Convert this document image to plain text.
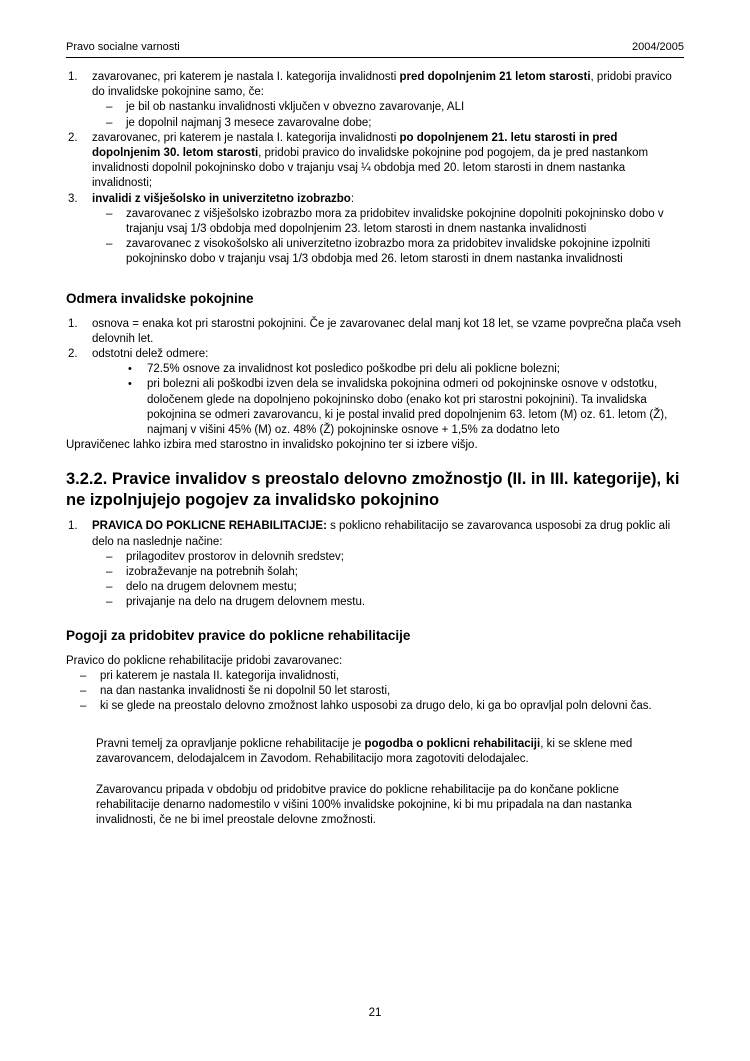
Pravo socialne varnosti	2004/2005
1.	zavarovanec, pri katerem je nastala I. kategorija invalidnosti pred dopolnjenim 21 letom starosti, pridobi pravico do invalidske pokojnine samo, če:
– je bil ob nastanku invalidnosti vključen v obvezno zavarovanje, ALI
– je dopolnil najmanj 3 mesece zavarovalne dobe;
2.	zavarovanec, pri katerem je nastala I. kategorija invalidnosti po dopolnjenem 21. letu starosti in pred dopolnjenim 30. letom starosti, pridobi pravico do invalidske pokojnine pod pogojem, da je pred nastankom invalidnosti dopolnil pokojninsko dobo v trajanju vsaj ¼ obdobja med 20. letom starosti in dnem nastanka invalidnosti;
3.	invalidi z višješolsko in univerzitetno izobrazbo:
– zavarovanec z višješolsko izobrazbo mora za pridobitev invalidske pokojnine dopolniti pokojninsko dobo v trajanju vsaj 1/3 obdobja med dopolnjenim 23. letom starosti in dnem nastanka invalidnosti
– zavarovanec z visokošolsko ali univerzitetno izobrazbo mora za pridobitev invalidske pokojnine izpolniti pokojninsko dobo v trajanju vsaj 1/3 obdobja med 26. letom starosti in dnem nastanka invalidnosti
Odmera invalidske pokojnine
1.	osnova = enaka kot pri starostni pokojnini. Če je zavarovanec delal manj kot 18 let, se vzame povprečna plača vseh delovnih let.
2.	odstotni delež odmere:
• 72.5% osnove za invalidnost kot posledico poškodbe pri delu ali poklicne bolezni;
• pri bolezni ali poškodbi izven dela se invalidska pokojnina odmeri od pokojninske osnove v odstotku, določenem glede na dopolnjeno pokojninsko dobo (enako kot pri starostni pokojnini). Ta invalidska pokojnina se odmeri zavarovancu, ki je postal invalid pred dopolnjenim 63. letom (M) oz. 61. letom (Ž), najmanj v višini 45% (M) oz. 48% (Ž) pokojninske osnove + 1,5% za dodatno leto
Upravičenec lahko izbira med starostno in invalidsko pokojnino ter si izbere višjo.
3.2.2. Pravice invalidov s preostalo delovno zmožnostjo (II. in III. kategorije), ki ne izpolnjujejo pogojev za invalidsko pokojnino
1.	PRAVICA DO POKLICNE REHABILITACIJE: s poklicno rehabilitacijo se zavarovanca usposobi za drug poklic ali delo na naslednje načine:
– prilagoditev prostorov in delovnih sredstev;
– izobraževanje na potrebnih šolah;
– delo na drugem delovnem mestu;
– privajanje na delo na drugem delovnem mestu.
Pogoji za pridobitev pravice do poklicne rehabilitacije
Pravico do poklicne rehabilitacije pridobi zavarovanec:
– pri katerem je nastala II. kategorija invalidnosti,
– na dan nastanka invalidnosti še ni dopolnil 50 let starosti,
– ki se glede na preostalo delovno zmožnost lahko usposobi za drugo delo, ki ga bo opravljal poln delovni čas.
Pravni temelj za opravljanje poklicne rehabilitacije je pogodba o poklicni rehabilitaciji, ki se sklene med zavarovancem, delodajalcem in Zavodom. Rehabilitacijo mora zagotoviti delodajalec.
Zavarovancu pripada v obdobju od pridobitve pravice do poklicne rehabilitacije pa do končane poklicne rehabilitacije denarno nadomestilo v višini 100% invalidske pokojnine, ki bi mu pripadala na dan nastanka invalidnosti, če ne bi imel preostale delovne zmožnosti.
21
